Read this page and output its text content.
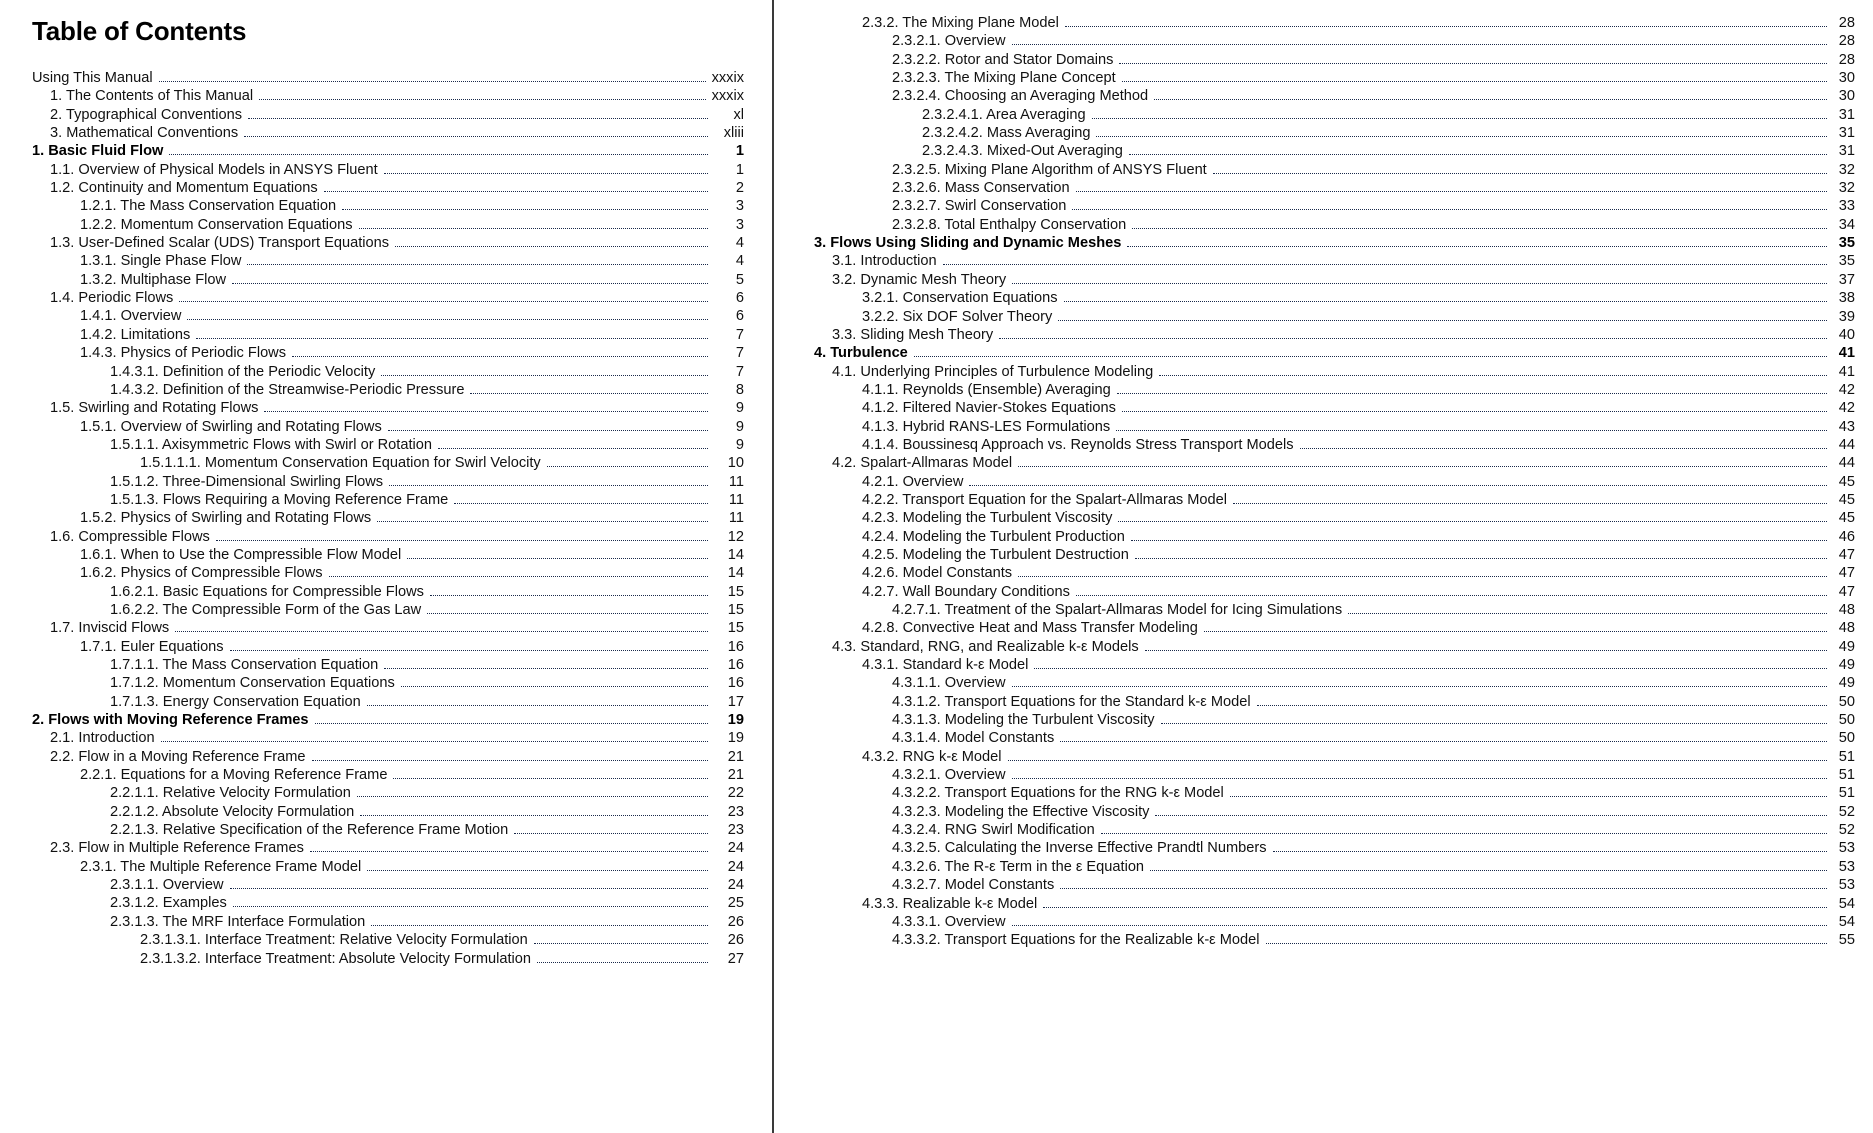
Table of Contents
Using This Manual	xxxix
1. The Contents of This Manual	xxxix
2. Typographical Conventions	xl
3. Mathematical Conventions	xliii
1. Basic Fluid Flow	1
1.1. Overview of Physical Models in ANSYS Fluent	1
1.2. Continuity and Momentum Equations	2
1.2.1. The Mass Conservation Equation	3
1.2.2. Momentum Conservation Equations	3
1.3. User-Defined Scalar (UDS) Transport Equations	4
1.3.1. Single Phase Flow	4
1.3.2. Multiphase Flow	5
1.4. Periodic Flows	6
1.4.1. Overview	6
1.4.2. Limitations	7
1.4.3. Physics of Periodic Flows	7
1.4.3.1. Definition of the Periodic Velocity	7
1.4.3.2. Definition of the Streamwise-Periodic Pressure	8
1.5. Swirling and Rotating Flows	9
1.5.1. Overview of Swirling and Rotating Flows	9
1.5.1.1. Axisymmetric Flows with Swirl or Rotation	9
1.5.1.1.1. Momentum Conservation Equation for Swirl Velocity	10
1.5.1.2. Three-Dimensional Swirling Flows	11
1.5.1.3. Flows Requiring a Moving Reference Frame	11
1.5.2. Physics of Swirling and Rotating Flows	11
1.6. Compressible Flows	12
1.6.1. When to Use the Compressible Flow Model	14
1.6.2. Physics of Compressible Flows	14
1.6.2.1. Basic Equations for Compressible Flows	15
1.6.2.2. The Compressible Form of the Gas Law	15
1.7. Inviscid Flows	15
1.7.1. Euler Equations	16
1.7.1.1. The Mass Conservation Equation	16
1.7.1.2. Momentum Conservation Equations	16
1.7.1.3. Energy Conservation Equation	17
2. Flows with Moving Reference Frames	19
2.1. Introduction	19
2.2. Flow in a Moving Reference Frame	21
2.2.1. Equations for a Moving Reference Frame	21
2.2.1.1. Relative Velocity Formulation	22
2.2.1.2. Absolute Velocity Formulation	23
2.2.1.3. Relative Specification of the Reference Frame Motion	23
2.3. Flow in Multiple Reference Frames	24
2.3.1. The Multiple Reference Frame Model	24
2.3.1.1. Overview	24
2.3.1.2. Examples	25
2.3.1.3. The MRF Interface Formulation	26
2.3.1.3.1. Interface Treatment: Relative Velocity Formulation	26
2.3.1.3.2. Interface Treatment: Absolute Velocity Formulation	27
2.3.2. The Mixing Plane Model	28
2.3.2.1. Overview	28
2.3.2.2. Rotor and Stator Domains	28
2.3.2.3. The Mixing Plane Concept	30
2.3.2.4. Choosing an Averaging Method	30
2.3.2.4.1. Area Averaging	31
2.3.2.4.2. Mass Averaging	31
2.3.2.4.3. Mixed-Out Averaging	31
2.3.2.5. Mixing Plane Algorithm of ANSYS Fluent	32
2.3.2.6. Mass Conservation	32
2.3.2.7. Swirl Conservation	33
2.3.2.8. Total Enthalpy Conservation	34
3. Flows Using Sliding and Dynamic Meshes	35
3.1. Introduction	35
3.2. Dynamic Mesh Theory	37
3.2.1. Conservation Equations	38
3.2.2. Six DOF Solver Theory	39
3.3. Sliding Mesh Theory	40
4. Turbulence	41
4.1. Underlying Principles of Turbulence Modeling	41
4.1.1. Reynolds (Ensemble) Averaging	42
4.1.2. Filtered Navier-Stokes Equations	42
4.1.3. Hybrid RANS-LES Formulations	43
4.1.4. Boussinesq Approach vs. Reynolds Stress Transport Models	44
4.2. Spalart-Allmaras Model	44
4.2.1. Overview	45
4.2.2. Transport Equation for the Spalart-Allmaras Model	45
4.2.3. Modeling the Turbulent Viscosity	45
4.2.4. Modeling the Turbulent Production	46
4.2.5. Modeling the Turbulent Destruction	47
4.2.6. Model Constants	47
4.2.7. Wall Boundary Conditions	47
4.2.7.1. Treatment of the Spalart-Allmaras Model for Icing Simulations	48
4.2.8. Convective Heat and Mass Transfer Modeling	48
4.3. Standard, RNG, and Realizable k-ε Models	49
4.3.1. Standard k-ε Model	49
4.3.1.1. Overview	49
4.3.1.2. Transport Equations for the Standard k-ε Model	50
4.3.1.3. Modeling the Turbulent Viscosity	50
4.3.1.4. Model Constants	50
4.3.2. RNG k-ε Model	51
4.3.2.1. Overview	51
4.3.2.2. Transport Equations for the RNG k-ε Model	51
4.3.2.3. Modeling the Effective Viscosity	52
4.3.2.4. RNG Swirl Modification	52
4.3.2.5. Calculating the Inverse Effective Prandtl Numbers	53
4.3.2.6. The R-ε Term in the ε Equation	53
4.3.2.7. Model Constants	53
4.3.3. Realizable k-ε Model	54
4.3.3.1. Overview	54
4.3.3.2. Transport Equations for the Realizable k-ε Model	55
